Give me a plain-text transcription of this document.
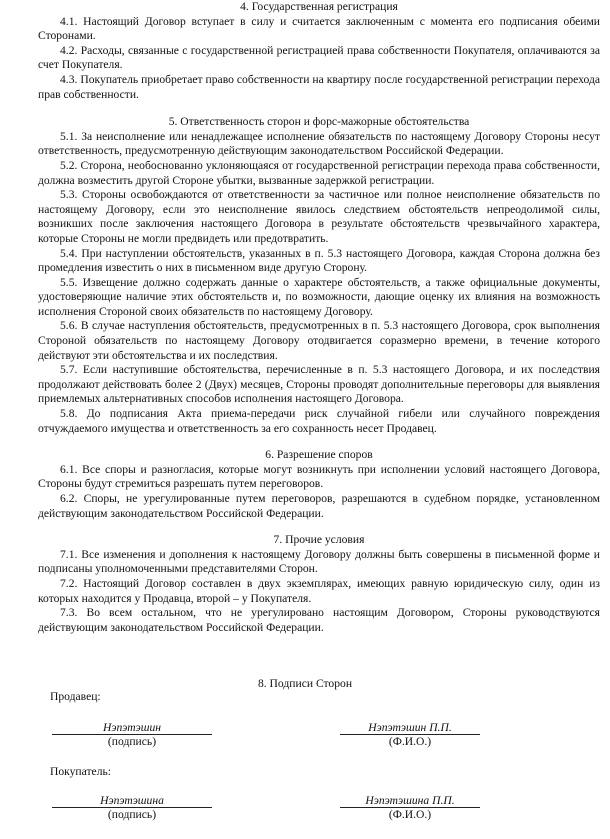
4. Государственная регистрация

4.1. Настоящий Договор вступает в силу и считается заключенным с момента его подписания обеими Сторонами.

4.2. Расходы, связанные с государственной регистрацией права собственности Покупателя, оплачиваются за счет Покупателя.

4.3. Покупатель приобретает право собственности на квартиру после государственной регистрации перехода прав собственности.

5. Ответственность сторон и форс-мажорные обстоятельства

5.1. За неисполнение или ненадлежащее исполнение обязательств по настоящему Договору Стороны несут ответственность, предусмотренную действующим законодательством Российской Федерации.

5.2. Сторона, необоснованно уклоняющаяся от государственной регистрации перехода права собственности, должна возместить другой Стороне убытки, вызванные задержкой регистрации.

5.3. Стороны освобождаются от ответственности за частичное или полное неисполнение обязательств по настоящему Договору, если это неисполнение явилось следствием обстоятельств непреодолимой силы, возникших после заключения настоящего Договора в результате обстоятельств чрезвычайного характера, которые Стороны не могли предвидеть или предотвратить.

5.4. При наступлении обстоятельств, указанных в п. 5.3 настоящего Договора, каждая Сторона должна без промедления известить о них в письменном виде другую Сторону.

5.5. Извещение должно содержать данные о характере обстоятельств, а также официальные документы, удостоверяющие наличие этих обстоятельств и, по возможности, дающие оценку их влияния на возможность исполнения Стороной своих обязательств по настоящему Договору.

5.6. В случае наступления обстоятельств, предусмотренных в п. 5.3 настоящего Договора, срок выполнения Стороной обязательств по настоящему Договору отодвигается соразмерно времени, в течение которого действуют эти обстоятельства и их последствия.

5.7. Если наступившие обстоятельства, перечисленные в п. 5.3 настоящего Договора, и их последствия продолжают действовать более 2 (Двух) месяцев, Стороны проводят дополнительные переговоры для выявления приемлемых альтернативных способов исполнения настоящего Договора.

5.8. До подписания Акта приема-передачи риск случайной гибели или случайного повреждения отчуждаемого имущества и ответственность за его сохранность несет Продавец.

6. Разрешение споров

6.1. Все споры и разногласия, которые могут возникнуть при исполнении условий настоящего Договора, Стороны будут стремиться разрешать путем переговоров.

6.2. Споры, не урегулированные путем переговоров, разрешаются в судебном порядке, установленном действующим законодательством Российской Федерации.

7. Прочие условия

7.1. Все изменения и дополнения к настоящему Договору должны быть совершены в письменной форме и подписаны уполномоченными представителями Сторон.

7.2. Настоящий Договор составлен в двух экземплярах, имеющих равную юридическую силу, один из которых находится у Продавца, второй – у Покупателя.

7.3. Во всем остальном, что не урегулировано настоящим Договором, Стороны руководствуются действующим законодательством Российской Федерации.

8. Подписи Сторон

Продавец:
Нэпэтэшин	Нэпэтэшин П.П.
(подпись)	(Ф.И.О.)
Покупатель:
Нэпэтэшина	Нэпэтэшина П.П.
(подпись)	(Ф.И.О.)
